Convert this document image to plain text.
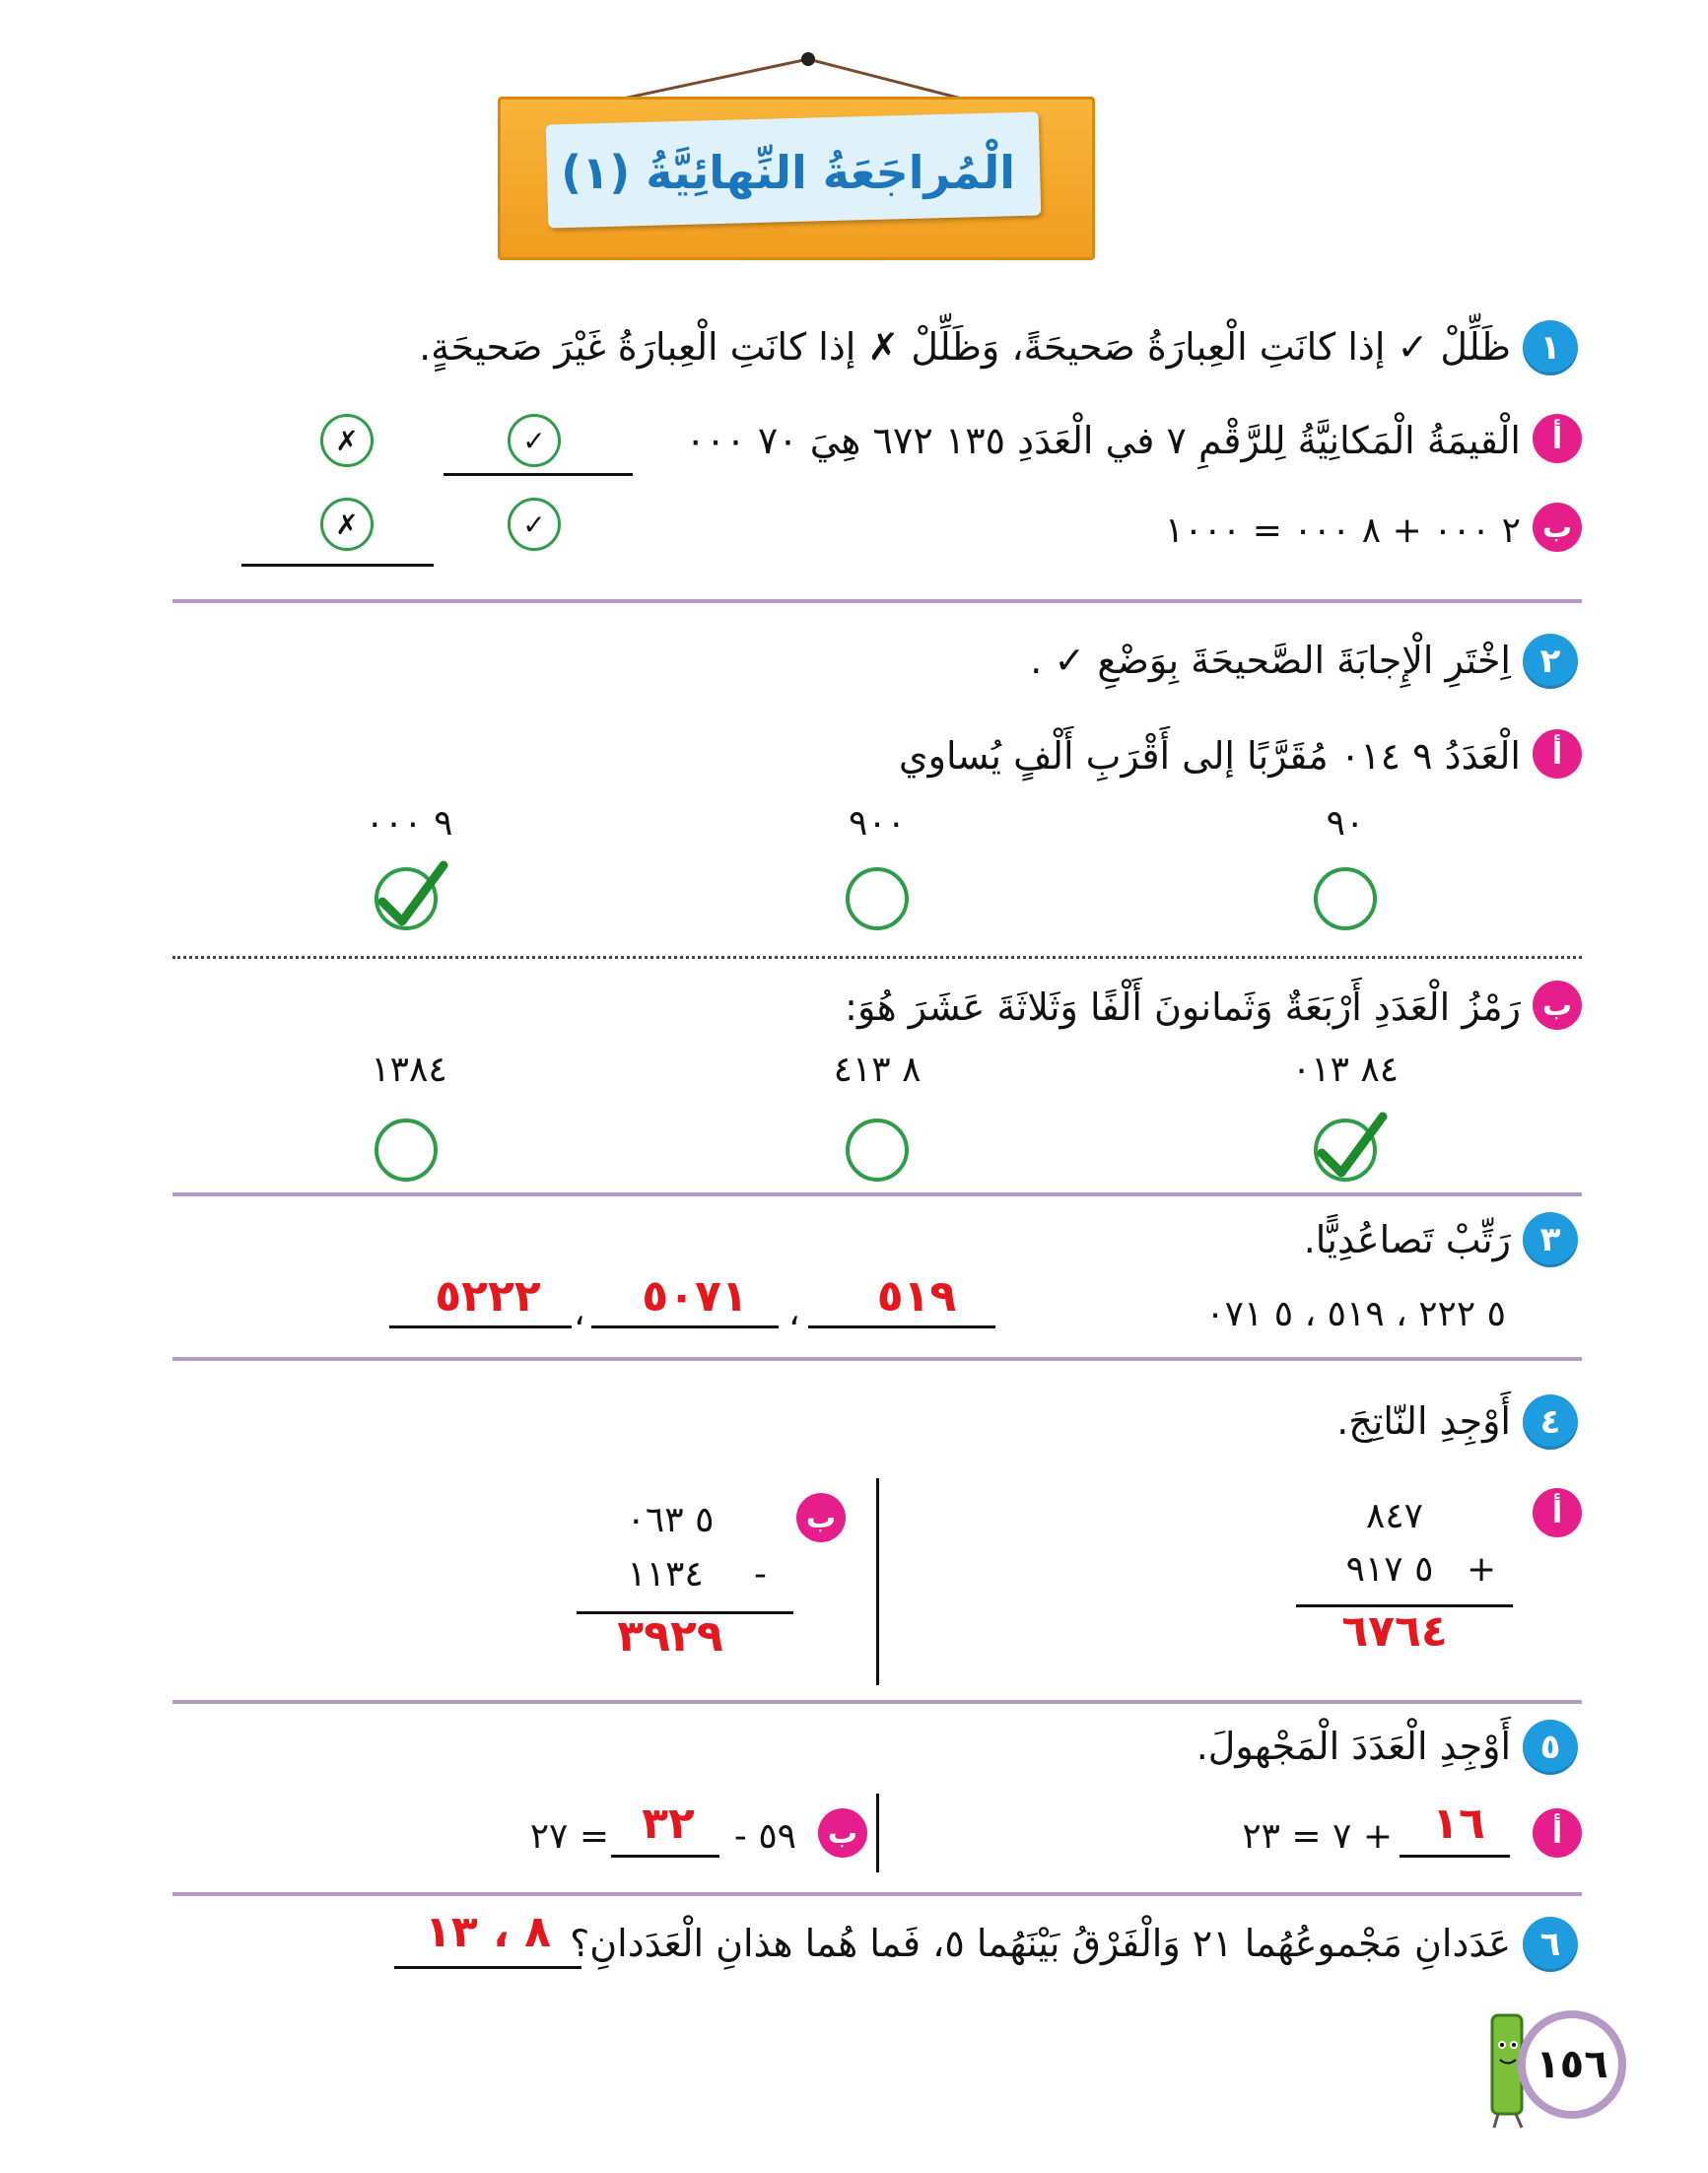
الْمُراجَعَةُ النِّهائِيَّةُ (١)
١
ظَلِّلْ ✓ إذا كانَتِ الْعِبارَةُ صَحيحَةً، وَظَلِّلْ ✗ إذا كانَتِ الْعِبارَةُ غَيْرَ صَحيحَةٍ.
أ
الْقيمَةُ الْمَكانِيَّةُ لِلرَّقْمِ ٧ في الْعَدَدِ ١٣٥ ٦٧٢ هِيَ ٧٠ ٠٠٠
✓
✗
ب
٢ ٠٠٠ + ٨ ٠٠٠ = ١٠٠٠
✓
✗
٢
اِخْتَرِ الْإِجابَةَ الصَّحيحَةَ بِوَضْعِ ✓ .
أ
الْعَدَدُ ٩ ٠١٤ مُقَرَّبًا إلى أَقْرَبِ أَلْفٍ يُساوي
٩٠
٩٠٠
٩ ٠٠٠
ب
رَمْزُ الْعَدَدِ أَرْبَعَةٌ وَثَمانونَ أَلْفًا وَثَلاثَةَ عَشَرَ هُوَ:
٨٤ ٠١٣
٨ ٤١٣
١٣٨٤
٣
رَتِّبْ تَصاعُدِيًّا.
٥ ٢٢٢ ، ٥١٩ ، ٥ ٠٧١
٥١٩
،
٥٠٧١
،
٥٢٢٢
٤
أَوْجِدِ النّاتِجَ.
أ
٨٤٧
+
٥ ٩١٧
٦٧٦٤
ب
٥ ٠٦٣
-
١١٣٤
٣٩٢٩
٥
أَوْجِدِ الْعَدَدَ الْمَجْهولَ.
أ
١٦
+ ٧ = ٢٣
ب
٥٩ -
٣٢
= ٢٧
٦
عَدَدانِ مَجْموعُهُما ٢١ وَالْفَرْقُ بَيْنَهُما ٥، فَما هُما هذانِ الْعَدَدانِ؟
٨ ، ١٣
١٥٦
